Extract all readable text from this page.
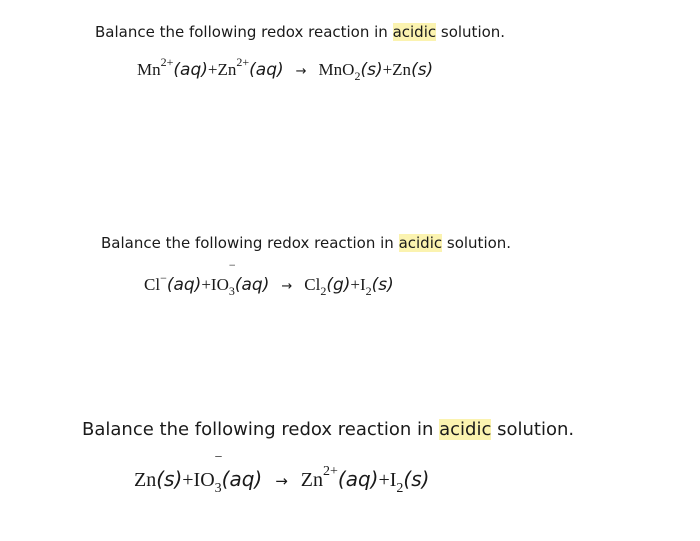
Balance the following redox reaction in acidic solution.
$Mn^{2+}(aq)+Zn^{2+}(aq) \to MnO_2(s)+Zn(s)$
Balance the following redox reaction in acidic solution.
Cl−(aq)+IO
−
$_3(aq) \to Cl_2(g)+I_2(s)$
Balance the following redox reaction in acidic solution.
Zn(s)+IO
−
$_3(aq) \to Zn^{2+}(aq)+I_2(s)$
